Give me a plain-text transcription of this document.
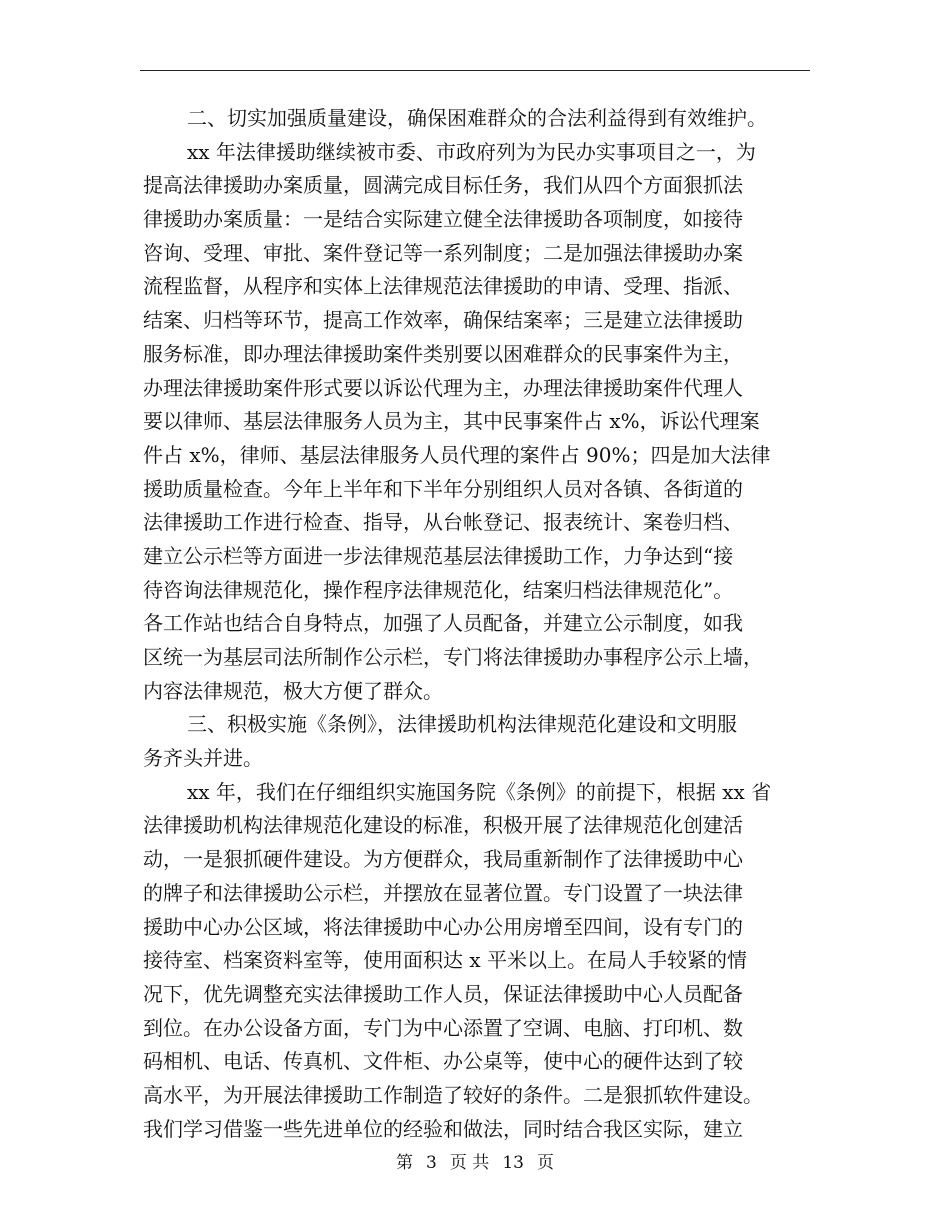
二、切实加强质量建设，确保困难群众的合法利益得到有效维护。
xx 年法律援助继续被市委、市政府列为为民办实事项目之一，为
提高法律援助办案质量，圆满完成目标任务，我们从四个方面狠抓法
律援助办案质量：一是结合实际建立健全法律援助各项制度，如接待
咨询、受理、审批、案件登记等一系列制度；二是加强法律援助办案
流程监督，从程序和实体上法律规范法律援助的申请、受理、指派、
结案、归档等环节，提高工作效率，确保结案率；三是建立法律援助
服务标准，即办理法律援助案件类别要以困难群众的民事案件为主，
办理法律援助案件形式要以诉讼代理为主，办理法律援助案件代理人
要以律师、基层法律服务人员为主，其中民事案件占 x%，诉讼代理案
件占 x%，律师、基层法律服务人员代理的案件占 90%；四是加大法律
援助质量检查。今年上半年和下半年分别组织人员对各镇、各街道的
法律援助工作进行检查、指导，从台帐登记、报表统计、案卷归档、
建立公示栏等方面进一步法律规范基层法律援助工作，力争达到“接
待咨询法律规范化，操作程序法律规范化，结案归档法律规范化”。
各工作站也结合自身特点，加强了人员配备，并建立公示制度，如我
区统一为基层司法所制作公示栏，专门将法律援助办事程序公示上墙，
内容法律规范，极大方便了群众。
三、积极实施《条例》，法律援助机构法律规范化建设和文明服
务齐头并进。
xx 年，我们在仔细组织实施国务院《条例》的前提下，根据 xx 省
法律援助机构法律规范化建设的标准，积极开展了法律规范化创建活
动，一是狠抓硬件建设。为方便群众，我局重新制作了法律援助中心
的牌子和法律援助公示栏，并摆放在显著位置。专门设置了一块法律
援助中心办公区域，将法律援助中心办公用房增至四间，设有专门的
接待室、档案资料室等，使用面积达 x 平米以上。在局人手较紧的情
况下，优先调整充实法律援助工作人员，保证法律援助中心人员配备
到位。在办公设备方面，专门为中心添置了空调、电脑、打印机、数
码相机、电话、传真机、文件柜、办公桌等，使中心的硬件达到了较
高水平，为开展法律援助工作制造了较好的条件。二是狠抓软件建设。
我们学习借鉴一些先进单位的经验和做法，同时结合我区实际，建立
第 3 页 共 13 页
